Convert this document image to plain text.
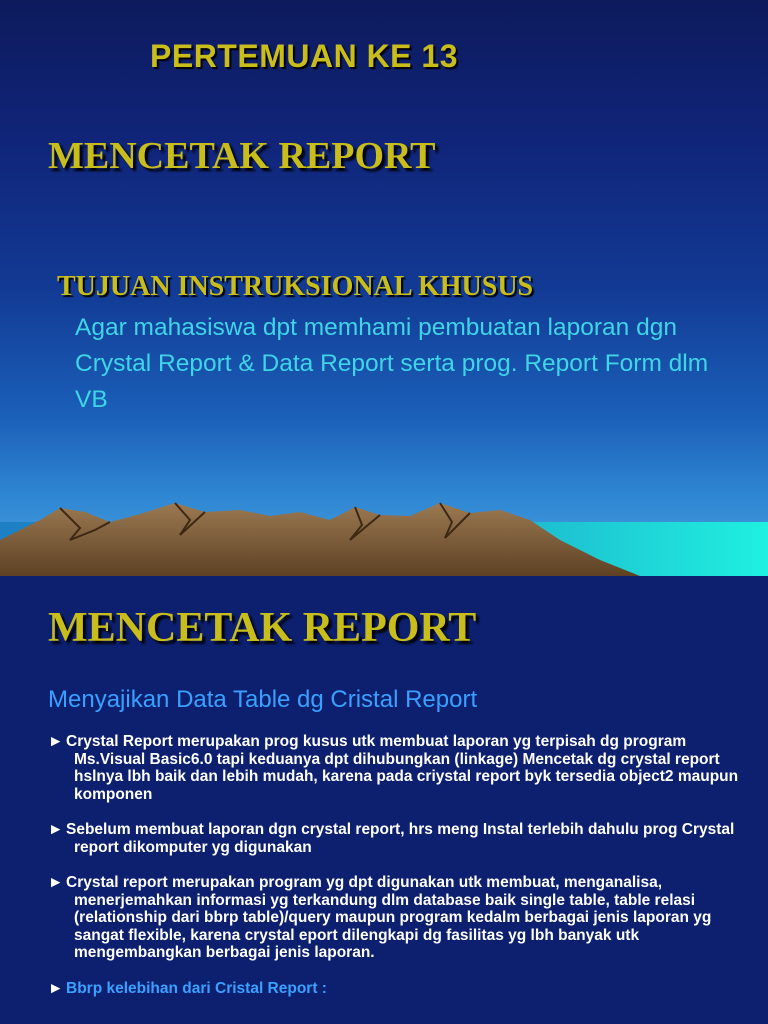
PERTEMUAN KE 13
MENCETAK REPORT
TUJUAN INSTRUKSIONAL KHUSUS

Agar mahasiswa dpt memhami pembuatan laporan dgn Crystal Report & Data Report serta prog. Report Form dlm VB

MENCETAK REPORT

Menyajikan Data Table dg Cristal Report

► Crystal Report merupakan prog kusus utk membuat laporan yg terpisah dg program Ms.Visual Basic6.0 tapi keduanya dpt dihubungkan (linkage) Mencetak dg crystal report hslnya lbh baik dan lebih mudah, karena pada criystal report byk tersedia object2 maupun komponen
► Sebelum membuat laporan dgn crystal report, hrs meng Instal terlebih dahulu prog Crystal report dikomputer yg digunakan
► Crystal report merupakan program yg dpt digunakan utk membuat, menganalisa, menerjemahkan informasi yg terkandung dlm database baik single table, table relasi (relationship dari bbrp table)/query maupun program kedalm berbagai jenis laporan yg sangat flexible, karena crystal eport dilengkapi dg fasilitas yg lbh banyak utk mengembangkan berbagai jenis laporan.
► Bbrp kelebihan dari Cristal Report :
